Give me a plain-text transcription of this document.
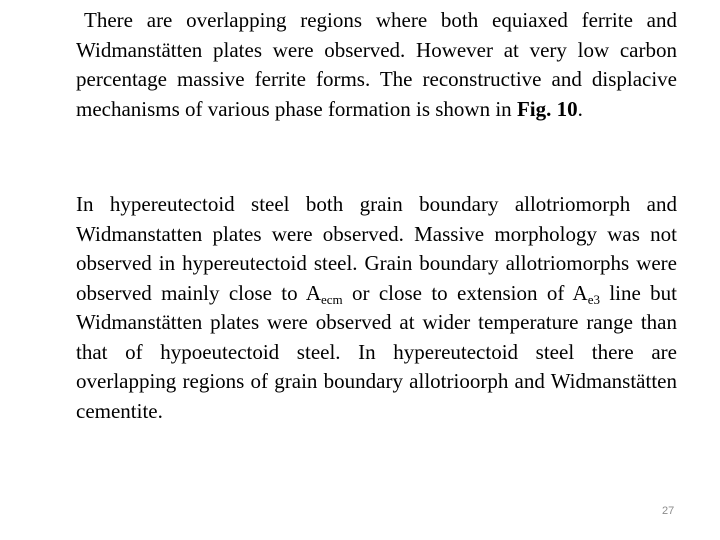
There are overlapping regions where both equiaxed ferrite and Widmanstätten plates were observed. However at very low carbon percentage massive ferrite forms. The reconstructive and displacive mechanisms of various phase formation is shown in Fig. 10.

In hypereutectoid steel both grain boundary allotriomorph and Widmanstatten plates were observed. Massive morphology was not observed in hypereutectoid steel. Grain boundary allotriomorphs were observed mainly close to Aecm or close to extension of Ae3 line but Widmanstätten plates were observed at wider temperature range than that of hypoeutectoid steel. In hypereutectoid steel there are overlapping regions of grain boundary allotrioorph and Widmanstätten cementite.

27
